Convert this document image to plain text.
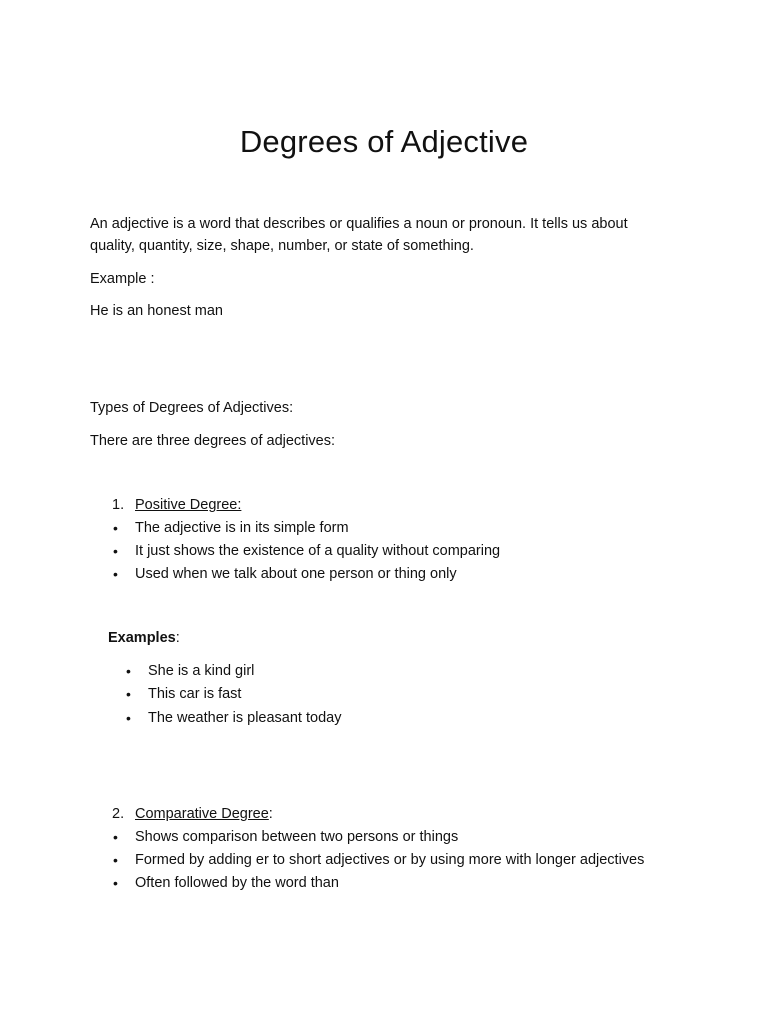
Degrees of Adjective

An adjective is a word that describes or qualifies a noun or pronoun. It tells us about quality, quantity, size, shape, number, or state of something.

Example :

He is an honest man

Types of Degrees of Adjectives:

There are three degrees of adjectives:

1. Positive Degree:
• The adjective is in its simple form
• It just shows the existence of a quality without comparing
• Used when we talk about one person or thing only
Examples:
• She is a kind girl
• This car is fast
• The weather is pleasant today
2. Comparative Degree:
• Shows comparison between two persons or things
• Formed by adding er to short adjectives or by using more with longer adjectives
• Often followed by the word than
